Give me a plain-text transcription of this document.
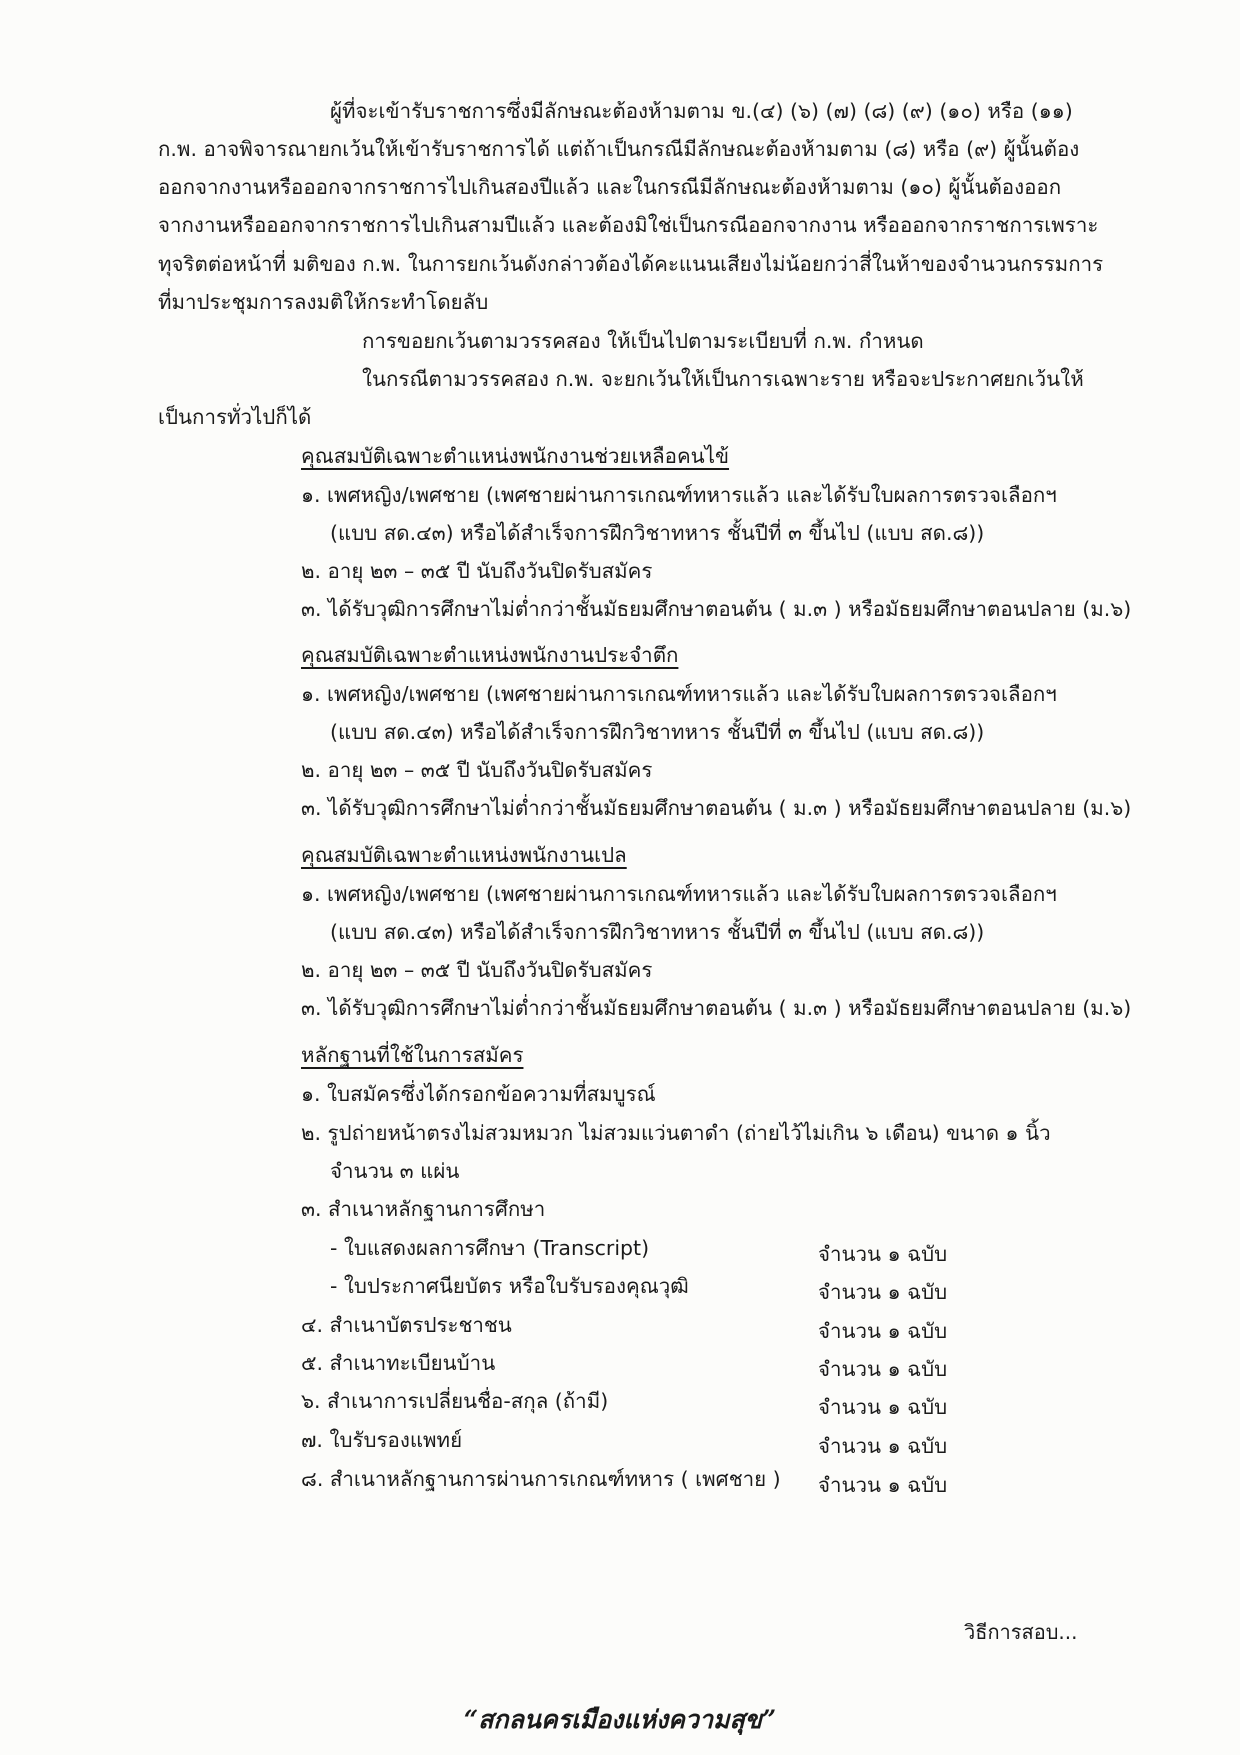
ผู้ที่จะเข้ารับราชการซึ่งมีลักษณะต้องห้ามตาม ข.(๔) (๖) (๗) (๘) (๙) (๑๐) หรือ (๑๑)
ก.พ. อาจพิจารณายกเว้นให้เข้ารับราชการได้ แต่ถ้าเป็นกรณีมีลักษณะต้องห้ามตาม (๘) หรือ (๙) ผู้นั้นต้อง
ออกจากงานหรือออกจากราชการไปเกินสองปีแล้ว และในกรณีมีลักษณะต้องห้ามตาม (๑๐) ผู้นั้นต้องออก
จากงานหรือออกจากราชการไปเกินสามปีแล้ว และต้องมิใช่เป็นกรณีออกจากงาน หรือออกจากราชการเพราะ
ทุจริตต่อหน้าที่ มติของ ก.พ. ในการยกเว้นดังกล่าวต้องได้คะแนนเสียงไม่น้อยกว่าสี่ในห้าของจำนวนกรรมการ
ที่มาประชุมการลงมติให้กระทำโดยลับ
การขอยกเว้นตามวรรคสอง ให้เป็นไปตามระเบียบที่ ก.พ. กำหนด
ในกรณีตามวรรคสอง ก.พ. จะยกเว้นให้เป็นการเฉพาะราย หรือจะประกาศยกเว้นให้
เป็นการทั่วไปก็ได้
คุณสมบัติเฉพาะตำแหน่งพนักงานช่วยเหลือคนไข้
๑. เพศหญิง/เพศชาย (เพศชายผ่านการเกณฑ์ทหารแล้ว และได้รับใบผลการตรวจเลือกฯ
(แบบ สด.๔๓) หรือได้สำเร็จการฝึกวิชาทหาร ชั้นปีที่ ๓ ขึ้นไป (แบบ สด.๘))
๒. อายุ ๒๓ – ๓๕ ปี นับถึงวันปิดรับสมัคร
๓. ได้รับวุฒิการศึกษาไม่ต่ำกว่าชั้นมัธยมศึกษาตอนต้น ( ม.๓ ) หรือมัธยมศึกษาตอนปลาย (ม.๖)
คุณสมบัติเฉพาะตำแหน่งพนักงานประจำตึก
๑. เพศหญิง/เพศชาย (เพศชายผ่านการเกณฑ์ทหารแล้ว และได้รับใบผลการตรวจเลือกฯ
(แบบ สด.๔๓) หรือได้สำเร็จการฝึกวิชาทหาร ชั้นปีที่ ๓ ขึ้นไป (แบบ สด.๘))
๒. อายุ ๒๓ – ๓๕ ปี นับถึงวันปิดรับสมัคร
๓. ได้รับวุฒิการศึกษาไม่ต่ำกว่าชั้นมัธยมศึกษาตอนต้น ( ม.๓ ) หรือมัธยมศึกษาตอนปลาย (ม.๖)
คุณสมบัติเฉพาะตำแหน่งพนักงานเปล
๑. เพศหญิง/เพศชาย (เพศชายผ่านการเกณฑ์ทหารแล้ว และได้รับใบผลการตรวจเลือกฯ
(แบบ สด.๔๓) หรือได้สำเร็จการฝึกวิชาทหาร ชั้นปีที่ ๓ ขึ้นไป (แบบ สด.๘))
๒. อายุ ๒๓ – ๓๕ ปี นับถึงวันปิดรับสมัคร
๓. ได้รับวุฒิการศึกษาไม่ต่ำกว่าชั้นมัธยมศึกษาตอนต้น ( ม.๓ ) หรือมัธยมศึกษาตอนปลาย (ม.๖)
หลักฐานที่ใช้ในการสมัคร
๑. ใบสมัครซึ่งได้กรอกข้อความที่สมบูรณ์
๒. รูปถ่ายหน้าตรงไม่สวมหมวก ไม่สวมแว่นตาดำ (ถ่ายไว้ไม่เกิน ๖ เดือน) ขนาด ๑ นิ้ว
จำนวน ๓ แผ่น
๓. สำเนาหลักฐานการศึกษา
- ใบแสดงผลการศึกษา (Transcript)
- ใบประกาศนียบัตร หรือใบรับรองคุณวุฒิ
๔. สำเนาบัตรประชาชน
๕. สำเนาทะเบียนบ้าน
๖. สำเนาการเปลี่ยนชื่อ-สกุล (ถ้ามี)
๗. ใบรับรองแพทย์
๘. สำเนาหลักฐานการผ่านการเกณฑ์ทหาร ( เพศชาย )
จำนวน ๑ ฉบับ
จำนวน ๑ ฉบับ
จำนวน ๑ ฉบับ
จำนวน ๑ ฉบับ
จำนวน ๑ ฉบับ
จำนวน ๑ ฉบับ
จำนวน ๑ ฉบับ
วิธีการสอบ...
“สกลนครเมืองแห่งความสุข”
